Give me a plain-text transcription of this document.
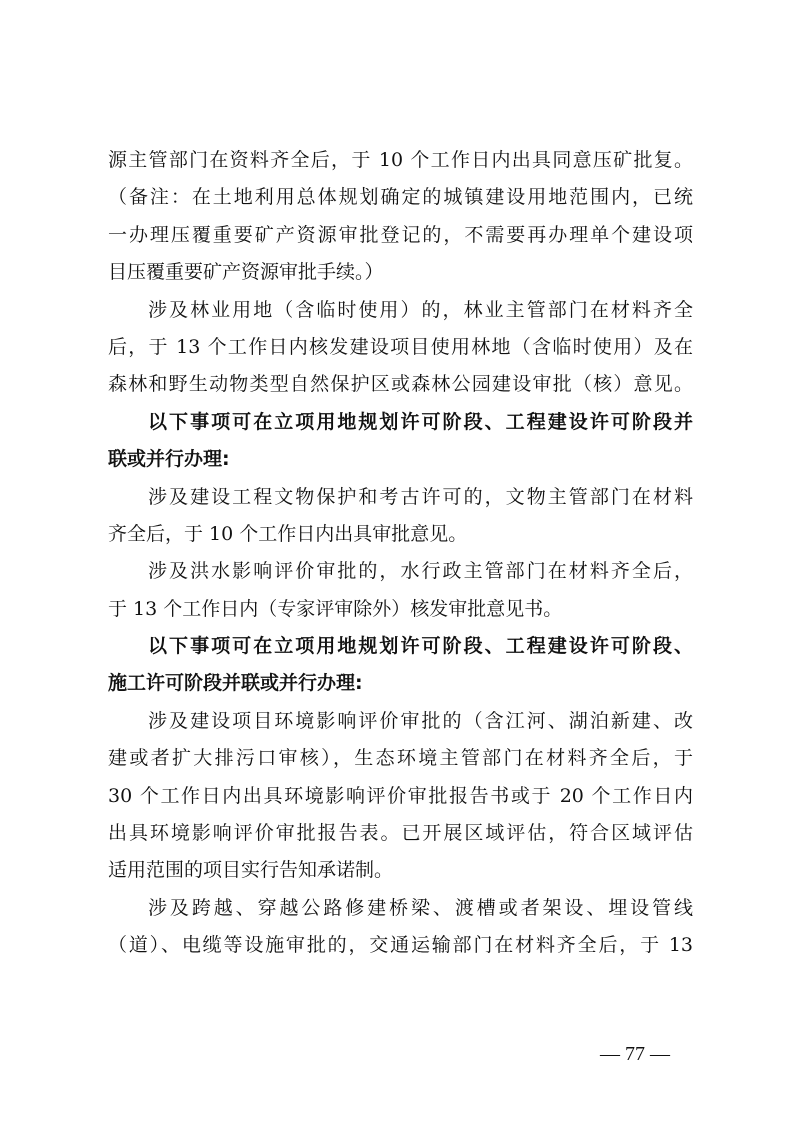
源主管部门在资料齐全后，于 10 个工作日内出具同意压矿批复。
（备注：在土地利用总体规划确定的城镇建设用地范围内，已统
一办理压覆重要矿产资源审批登记的，不需要再办理单个建设项
目压覆重要矿产资源审批手续。）
涉及林业用地（含临时使用）的，林业主管部门在材料齐全
后，于 13 个工作日内核发建设项目使用林地（含临时使用）及在
森林和野生动物类型自然保护区或森林公园建设审批（核）意见。
以下事项可在立项用地规划许可阶段、工程建设许可阶段并
联或并行办理:
涉及建设工程文物保护和考古许可的，文物主管部门在材料
齐全后，于 10 个工作日内出具审批意见。
涉及洪水影响评价审批的，水行政主管部门在材料齐全后，
于 13 个工作日内（专家评审除外）核发审批意见书。
以下事项可在立项用地规划许可阶段、工程建设许可阶段、
施工许可阶段并联或并行办理:
涉及建设项目环境影响评价审批的（含江河、湖泊新建、改
建或者扩大排污口审核），生态环境主管部门在材料齐全后，于
30 个工作日内出具环境影响评价审批报告书或于 20 个工作日内
出具环境影响评价审批报告表。已开展区域评估，符合区域评估
适用范围的项目实行告知承诺制。
涉及跨越、穿越公路修建桥梁、渡槽或者架设、埋设管线
（道）、电缆等设施审批的，交通运输部门在材料齐全后，于 13
— 77 —
